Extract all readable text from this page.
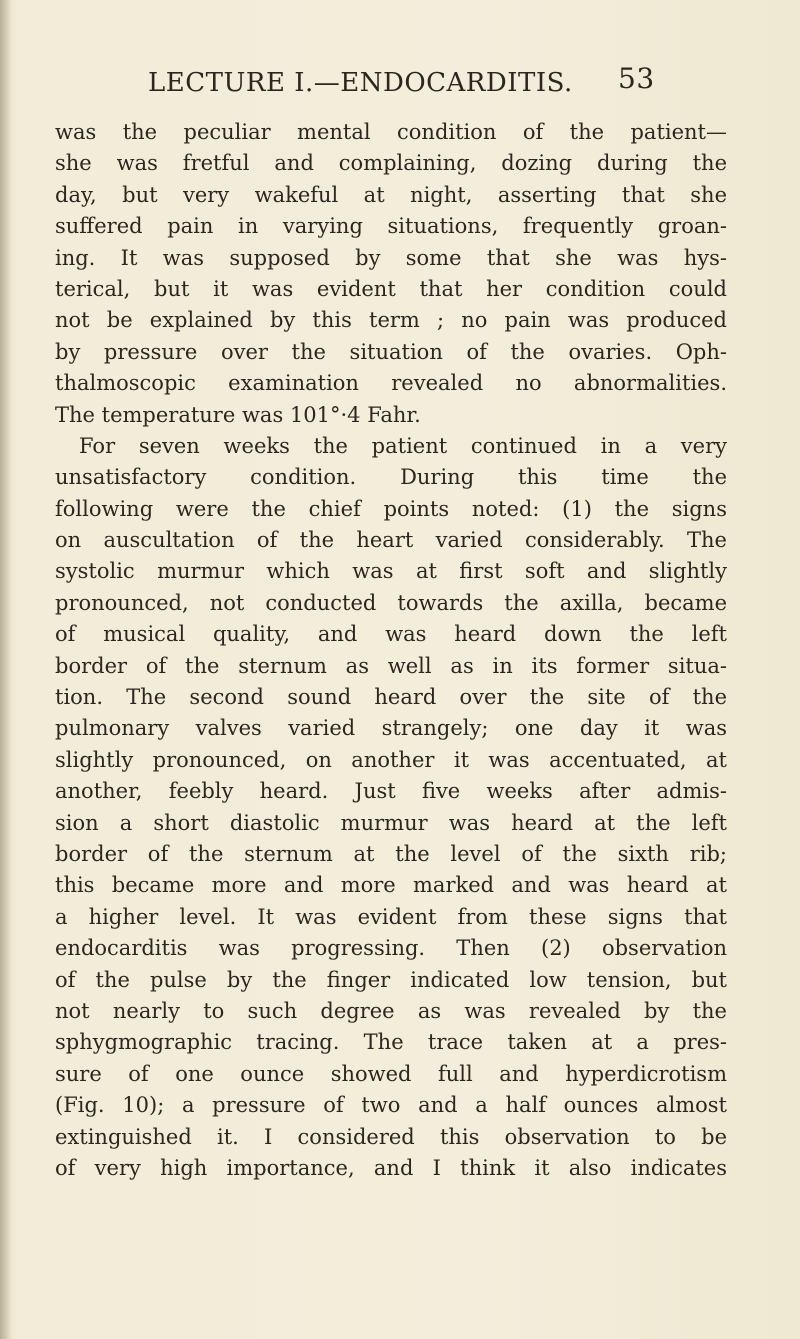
LECTURE I.—ENDOCARDITIS. 53
was the peculiar mental condition of the patient—
she was fretful and complaining, dozing during the
day, but very wakeful at night, asserting that she
suffered pain in varying situations, frequently groan-
ing. It was supposed by some that she was hys-
terical, but it was evident that her condition could
not be explained by this term ; no pain was produced
by pressure over the situation of the ovaries. Oph-
thalmoscopic examination revealed no abnormalities.
The temperature was 101°·4 Fahr.
For seven weeks the patient continued in a very
unsatisfactory condition. During this time the
following were the chief points noted: (1) the signs
on auscultation of the heart varied considerably. The
systolic murmur which was at first soft and slightly
pronounced, not conducted towards the axilla, became
of musical quality, and was heard down the left
border of the sternum as well as in its former situa-
tion. The second sound heard over the site of the
pulmonary valves varied strangely; one day it was
slightly pronounced, on another it was accentuated, at
another, feebly heard. Just five weeks after admis-
sion a short diastolic murmur was heard at the left
border of the sternum at the level of the sixth rib;
this became more and more marked and was heard at
a higher level. It was evident from these signs that
endocarditis was progressing. Then (2) observation
of the pulse by the finger indicated low tension, but
not nearly to such degree as was revealed by the
sphygmographic tracing. The trace taken at a pres-
sure of one ounce showed full and hyperdicrotism
(Fig. 10); a pressure of two and a half ounces almost
extinguished it. I considered this observation to be
of very high importance, and I think it also indicates
